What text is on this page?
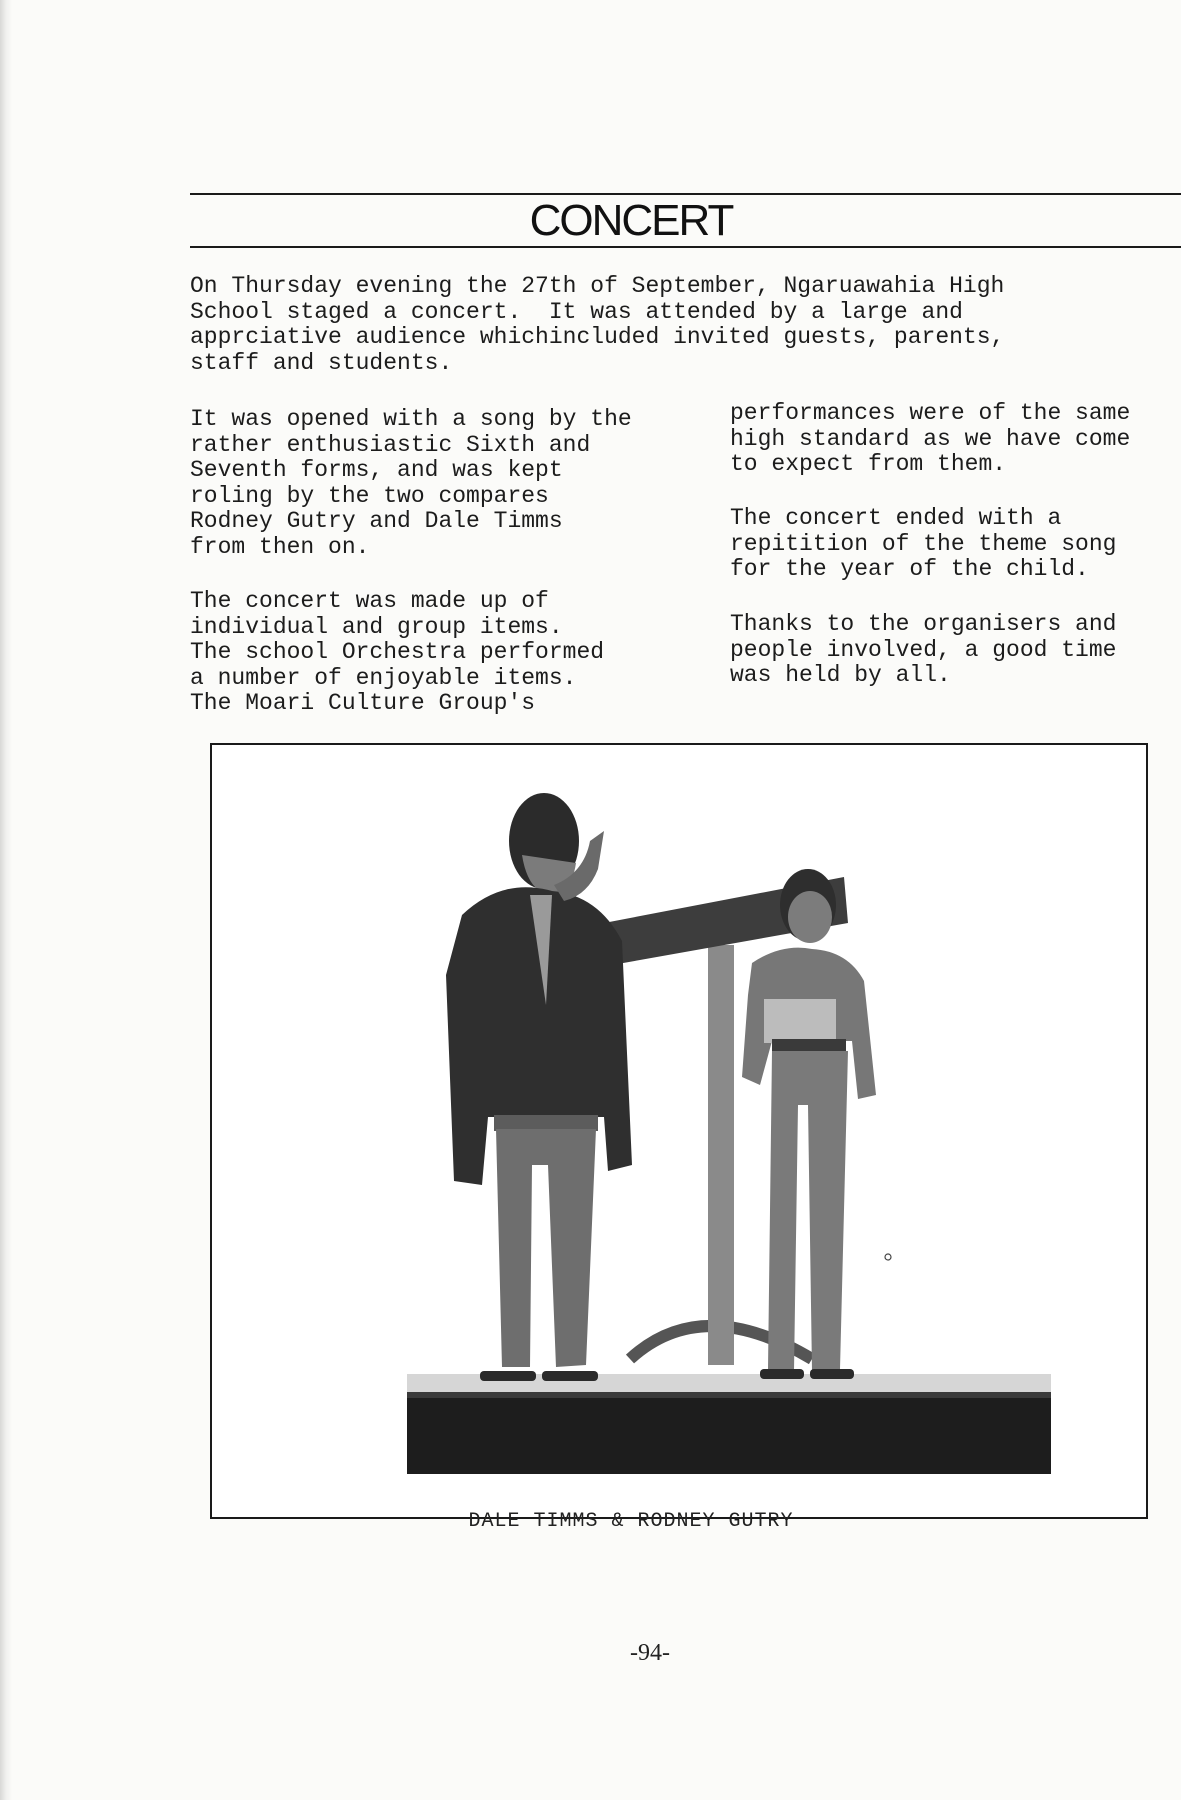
CONCERT

On Thursday evening the 27th of September, Ngaruawahia High
School staged a concert.  It was attended by a large and
apprciative audience whichincluded invited guests, parents,
staff and students.

It was opened with a song by the
rather enthusiastic Sixth and
Seventh forms, and was kept
roling by the two compares
Rodney Gutry and Dale Timms
from then on.

The concert was made up of
individual and group items.
The school Orchestra performed
a number of enjoyable items.
The Moari Culture Group's

performances were of the same
high standard as we have come
to expect from them.

The concert ended with a
repitition of the theme song
for the year of the child.

Thanks to the organisers and
people involved, a good time
was held by all.

DALE TIMMS & RODNEY GUTRY
-94-
